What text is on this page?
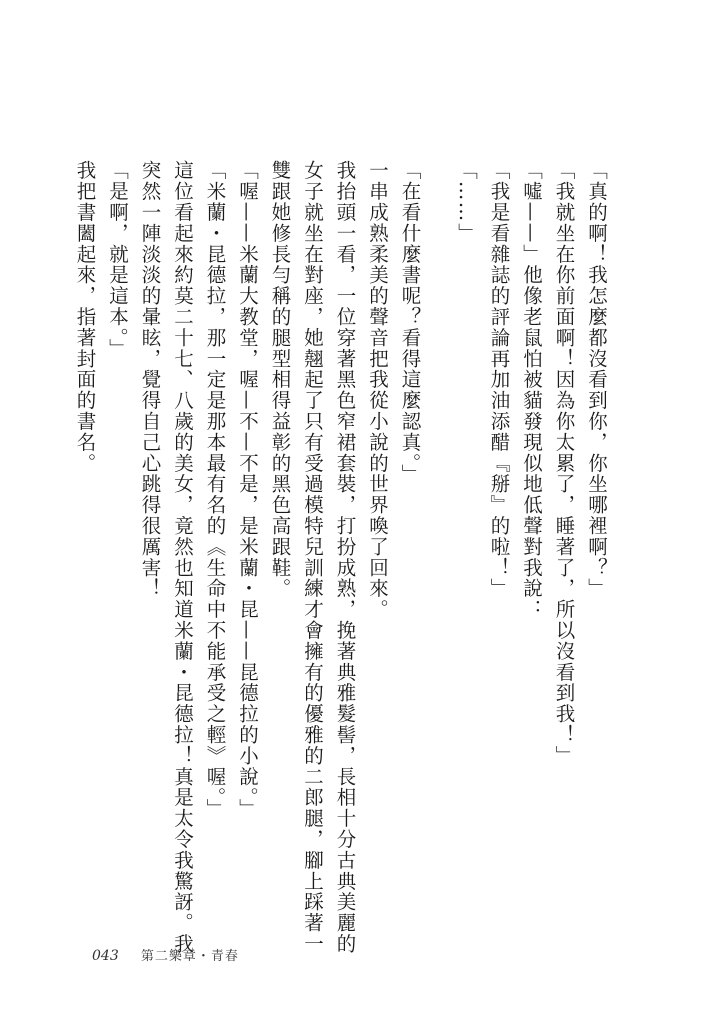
「真的啊！我怎麼都沒看到你，你坐哪裡啊？」

「我就坐在你前面啊！因為你太累了，睡著了，所以沒看到我！」

「噓——」他像老鼠怕被貓發現似地低聲對我說：

「我是看雜誌的評論再加油添醋『掰』的啦！」

「……」

「在看什麼書呢？看得這麼認真。」

一串成熟柔美的聲音把我從小說的世界喚了回來。

我抬頭一看，一位穿著黑色窄裙套裝，打扮成熟，挽著典雅髮髻，長相十分古典美麗的女子就坐在對座，她翹起了只有受過模特兒訓練才會擁有的優雅的二郎腿，腳上踩著一雙跟她修長勻稱的腿型相得益彰的黑色高跟鞋。

「喔——米蘭大教堂，喔—不—不是，是米蘭・昆——昆德拉的小說。」

「米蘭・昆德拉，那一定是那本最有名的《生命中不能承受之輕》喔。」

這位看起來約莫二十七、八歲的美女，竟然也知道米蘭・昆德拉！真是太令我驚訝。我突然一陣淡淡的暈眩，覺得自己心跳得很厲害！

「是啊，就是這本。」

我把書闔起來，指著封面的書名。

043 第二樂章・青春
